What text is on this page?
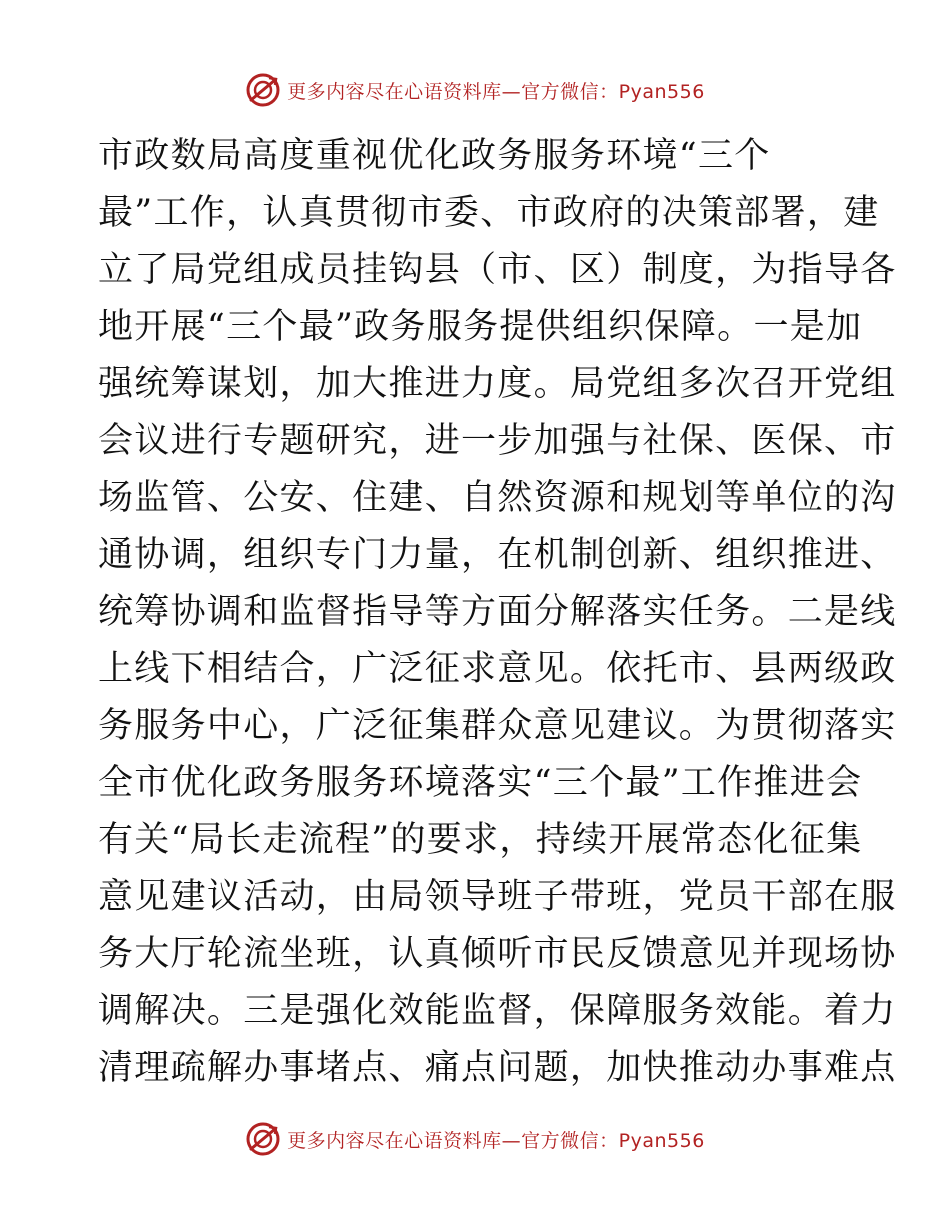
更多内容尽在心语资料库—官方微信：Pyan556
市政数局高度重视优化政务服务环境“三个
最”工作，认真贯彻市委、市政府的决策部署，建
立了局党组成员挂钩县（市、区）制度，为指导各
地开展“三个最”政务服务提供组织保障。一是加
强统筹谋划，加大推进力度。局党组多次召开党组
会议进行专题研究，进一步加强与社保、医保、市
场监管、公安、住建、自然资源和规划等单位的沟
通协调，组织专门力量，在机制创新、组织推进、
统筹协调和监督指导等方面分解落实任务。二是线
上线下相结合，广泛征求意见。依托市、县两级政
务服务中心，广泛征集群众意见建议。为贯彻落实
全市优化政务服务环境落实“三个最”工作推进会
有关“局长走流程”的要求，持续开展常态化征集
意见建议活动，由局领导班子带班，党员干部在服
务大厅轮流坐班，认真倾听市民反馈意见并现场协
调解决。三是强化效能监督，保障服务效能。着力
清理疏解办事堵点、痛点问题，加快推动办事难点
更多内容尽在心语资料库—官方微信：Pyan556
